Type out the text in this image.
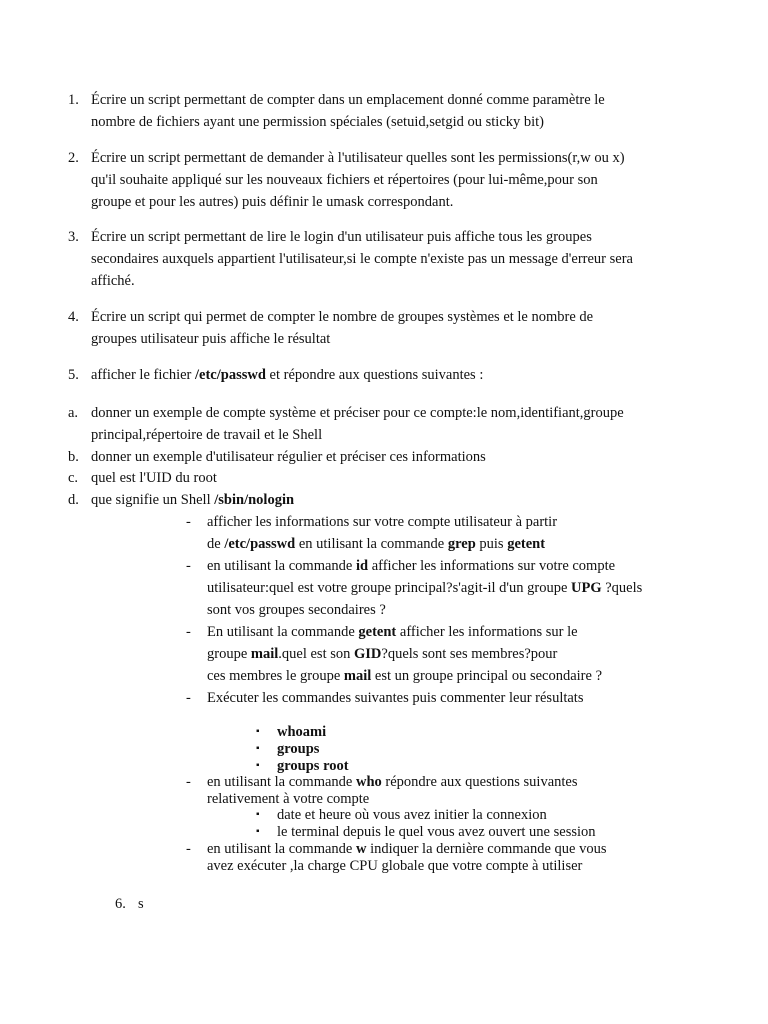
1. Écrire un script permettant de compter dans un emplacement donné comme paramètre le
nombre de fichiers ayant une permission spéciales (setuid,setgid ou sticky bit)
2. Écrire un script permettant de demander à l'utilisateur quelles sont les permissions(r,w ou x)
qu'il souhaite appliqué sur les nouveaux fichiers et répertoires (pour lui-même,pour son
groupe et pour les autres) puis définir le umask correspondant.
3. Écrire un script permettant de lire le login d'un utilisateur puis affiche tous les groupes
secondaires auxquels appartient l'utilisateur,si le compte n'existe pas un message d'erreur sera
affiché.
4. Écrire un script qui permet de compter le nombre de groupes systèmes et le nombre de
groupes utilisateur puis affiche le résultat
5. afficher le fichier /etc/passwd et répondre aux questions suivantes :
a. donner un exemple de compte système et préciser pour ce compte:le nom,identifiant,groupe
principal,répertoire de travail et le Shell
b. donner un exemple d'utilisateur régulier et préciser ces informations
c. quel est l'UID du root
d. que signifie un Shell /sbin/nologin
- afficher les informations sur votre compte utilisateur à partir
de /etc/passwd en utilisant la commande grep puis getent
- en utilisant la commande id afficher les informations sur votre compte
utilisateur:quel est votre groupe principal?s'agit-il d'un groupe UPG ?quels
sont vos groupes secondaires ?
- En utilisant la commande getent afficher les informations sur le
groupe mail.quel est son GID?quels sont ses membres?pour
ces membres le groupe mail est un groupe principal ou secondaire ?
- Exécuter les commandes suivantes puis commenter leur résultats
▪ whoami
▪ groups
▪ groups root
- en utilisant la commande who répondre aux questions suivantes
relativement à votre compte
▪ date et heure où vous avez initier la connexion
▪ le terminal depuis le quel vous avez ouvert une session
- en utilisant la commande w indiquer la dernière commande que vous
avez exécuter ,la charge CPU globale que votre compte à utiliser
6. s
